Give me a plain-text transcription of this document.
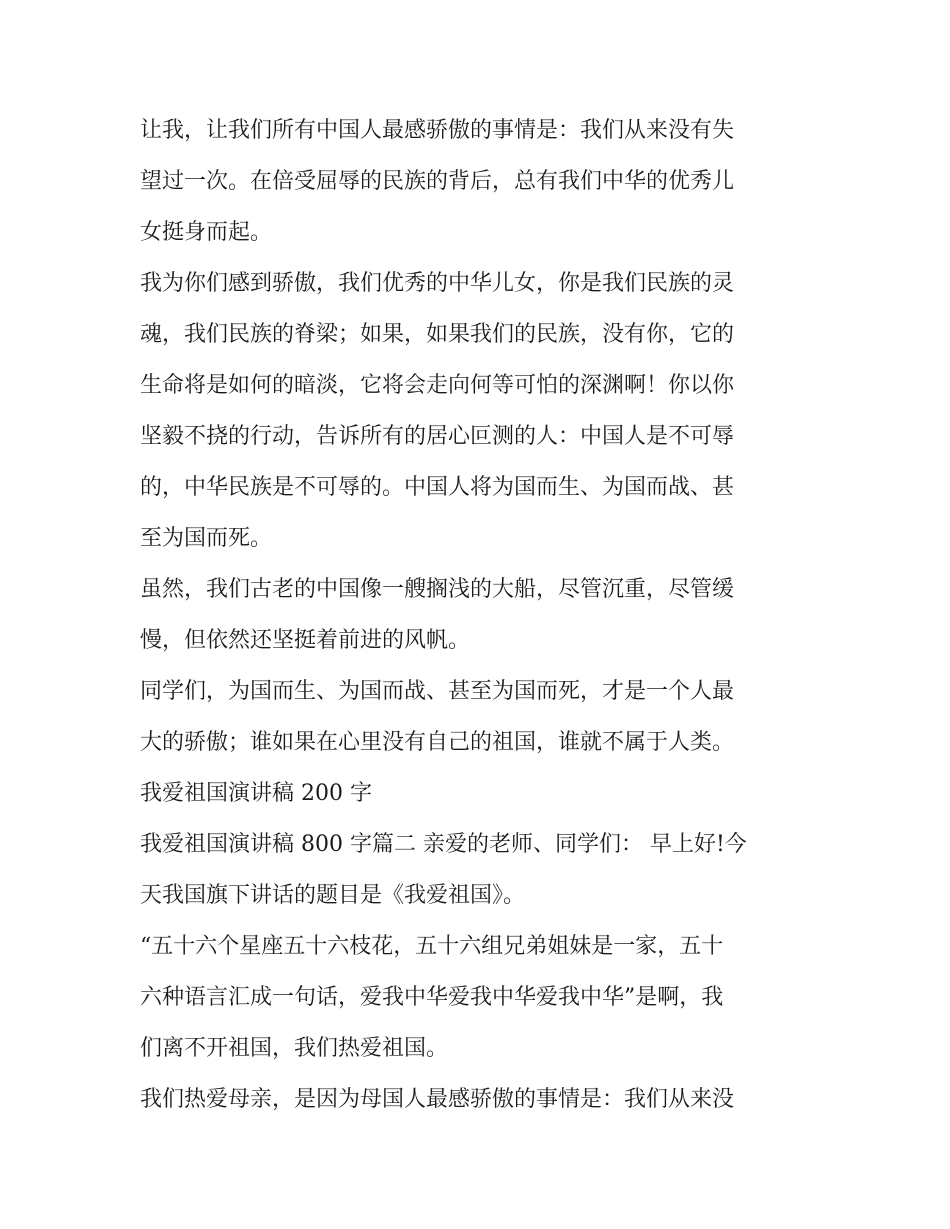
让我，让我们所有中国人最感骄傲的事情是：我们从来没有失
望过一次。在倍受屈辱的民族的背后，总有我们中华的优秀儿
女挺身而起。

我为你们感到骄傲，我们优秀的中华儿女，你是我们民族的灵
魂，我们民族的脊梁；如果，如果我们的民族，没有你，它的
生命将是如何的暗淡，它将会走向何等可怕的深渊啊！你以你
坚毅不挠的行动，告诉所有的居心叵测的人：中国人是不可辱
的，中华民族是不可辱的。中国人将为国而生、为国而战、甚
至为国而死。

虽然，我们古老的中国像一艘搁浅的大船，尽管沉重，尽管缓
慢，但依然还坚挺着前进的风帆。

同学们，为国而生、为国而战、甚至为国而死，才是一个人最
大的骄傲；谁如果在心里没有自己的祖国，谁就不属于人类。

我爱祖国演讲稿 200 字

我爱祖国演讲稿 800 字篇二 亲爱的老师、同学们： 早上好!今
天我国旗下讲话的题目是《我爱祖国》。

“五十六个星座五十六枝花，五十六组兄弟姐妹是一家，五十
六种语言汇成一句话，爱我中华爱我中华爱我中华”是啊，我
们离不开祖国，我们热爱祖国。

我们热爱母亲，是因为母国人最感骄傲的事情是：我们从来没
